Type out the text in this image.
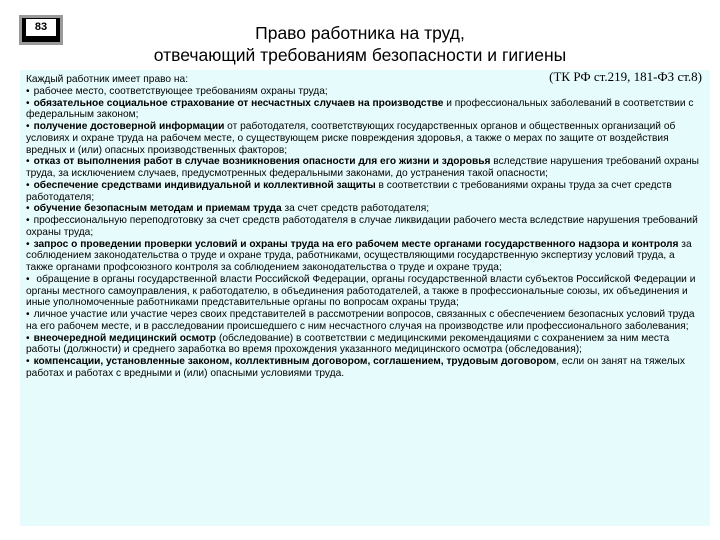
83	Право работника на труд,
отвечающий требованиям безопасности и гигиены
Каждый работник имеет право на:	(ТК РФ ст.219, 181-ФЗ ст.8)

• рабочее место, соответствующее требованиям охраны труда;

• обязательное социальное страхование от несчастных случаев на производстве и профессиональных заболеваний в соответствии с федеральным законом;

• получение достоверной информации от работодателя, соответствующих государственных органов и общественных организаций об условиях и охране труда на рабочем месте, о существующем риске повреждения здоровья, а также о мерах по защите от воздействия вредных и (или) опасных производственных факторов;

• отказ от выполнения работ в случае возникновения опасности для его жизни и здоровья вследствие нарушения требований охраны труда, за исключением случаев, предусмотренных федеральными законами, до устранения такой опасности;

• обеспечение средствами индивидуальной и коллективной защиты в соответствии с требованиями охраны труда за счет средств работодателя;

• обучение безопасным методам и приемам труда за счет средств работодателя;

• профессиональную переподготовку за счет средств работодателя в случае ликвидации рабочего места вследствие нарушения требований охраны труда;

• запрос о проведении проверки условий и охраны труда на его рабочем месте органами государственного надзора и контроля за соблюдением законодательства о труде и охране труда, работниками, осуществляющими государственную экспертизу условий труда, а также органами профсоюзного контроля за соблюдением законодательства о труде и охране труда;

• обращение в органы государственной власти Российской Федерации, органы государственной власти субъектов Российской Федерации и органы местного самоуправления, к работодателю, в объединения работодателей, а также в профессиональные союзы, их объединения и иные уполномоченные работниками представительные органы по вопросам охраны труда;

• личное участие или участие через своих представителей в рассмотрении вопросов, связанных с обеспечением безопасных условий труда на его рабочем месте, и в расследовании происшедшего с ним несчастного случая на производстве или профессионального заболевания;

• внеочередной медицинский осмотр (обследование) в соответствии с медицинскими рекомендациями с сохранением за ним места работы (должности) и среднего заработка во время прохождения указанного медицинского осмотра (обследования);

• компенсации, установленные законом, коллективным договором, соглашением, трудовым договором, если он занят на тяжелых работах и работах с вредными и (или) опасными условиями труда.
